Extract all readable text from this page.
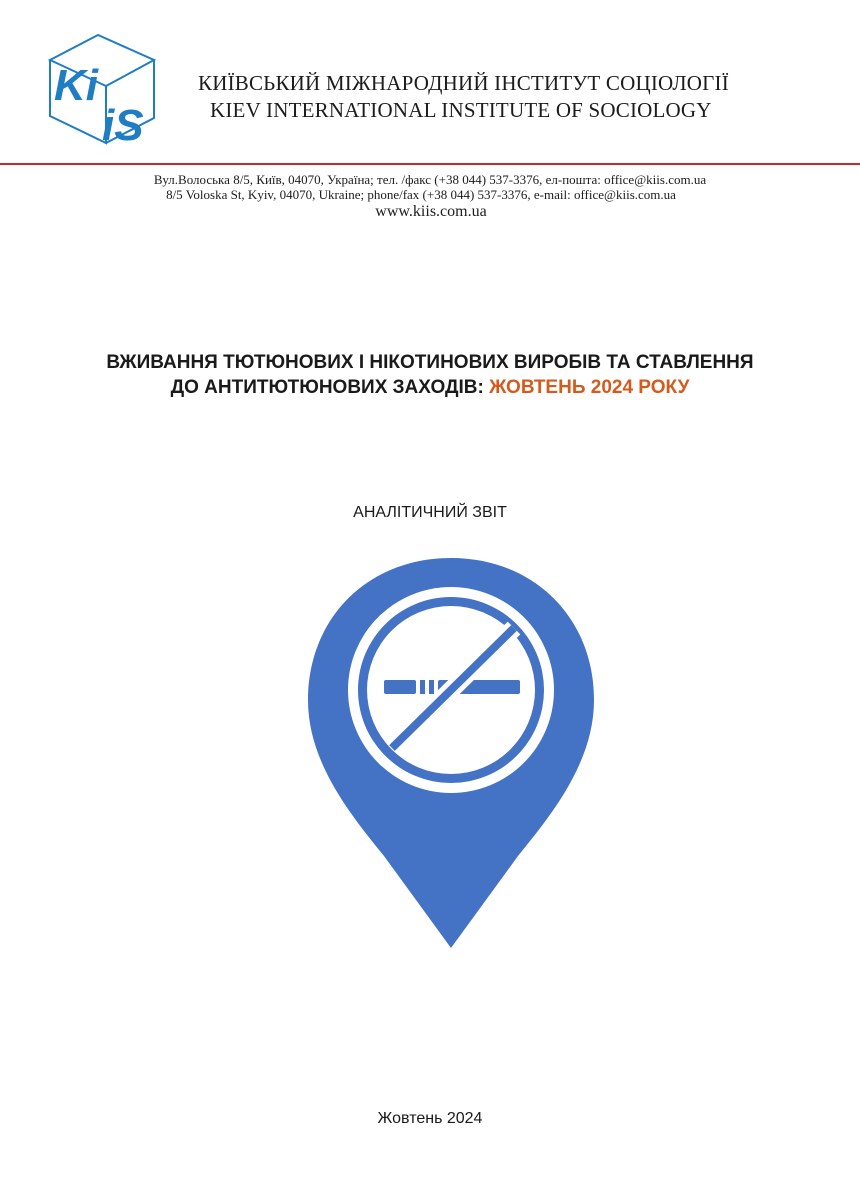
Ki
iS
КИЇВСЬКИЙ МІЖНАРОДНИЙ ІНСТИТУТ СОЦІОЛОГІЇ
KIEV INTERNATIONAL INSTITUTE OF SOCIOLOGY
Вул.Волоська 8/5, Київ, 04070, Україна; тел. /факс (+38 044) 537-3376, ел-пошта: office@kiis.com.ua
8/5 Voloska St, Kyiv, 04070, Ukraine; phone/fax (+38 044) 537-3376, e-mail: office@kiis.com.ua
www.kiis.com.ua
ВЖИВАННЯ ТЮТЮНОВИХ І НІКОТИНОВИХ ВИРОБІВ ТА СТАВЛЕННЯ
ДО АНТИТЮТЮНОВИХ ЗАХОДІВ: ЖОВТЕНЬ 2024 РОКУ
АНАЛІТИЧНИЙ ЗВІТ
Жовтень 2024
